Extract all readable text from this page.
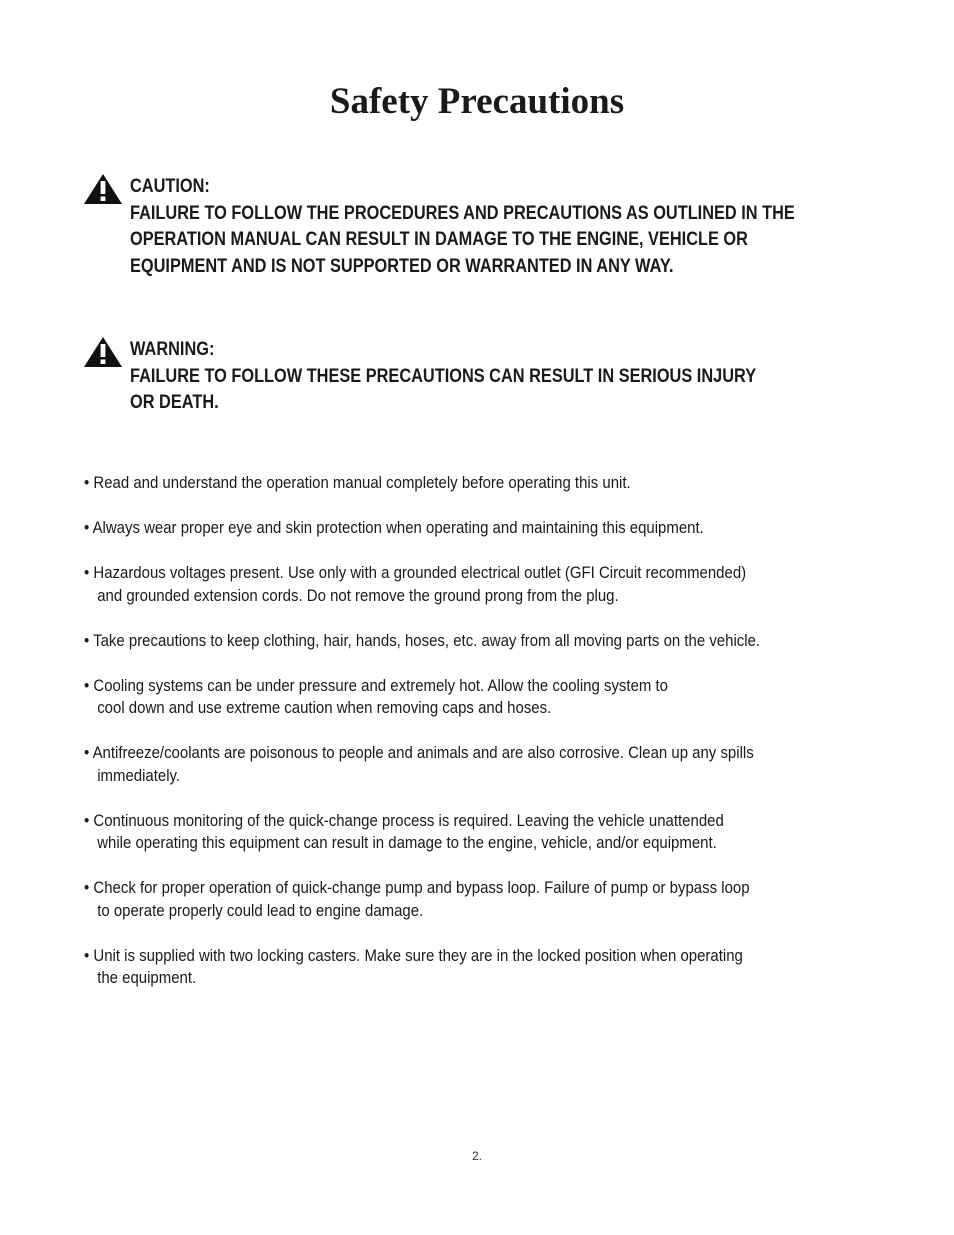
Safety Precautions
CAUTION:
FAILURE TO FOLLOW THE PROCEDURES AND PRECAUTIONS AS OUTLINED IN THE
OPERATION MANUAL CAN RESULT IN DAMAGE TO THE ENGINE, VEHICLE OR
EQUIPMENT AND IS NOT SUPPORTED OR WARRANTED IN ANY WAY.
WARNING:
FAILURE TO FOLLOW THESE PRECAUTIONS CAN RESULT IN SERIOUS INJURY
OR DEATH.
• Read and understand the operation manual completely before operating this unit.
• Always wear proper eye and skin protection when operating and maintaining this equipment.
• Hazardous voltages present. Use only with a grounded electrical outlet (GFI Circuit recommended)
and grounded extension cords. Do not remove the ground prong from the plug.
• Take precautions to keep clothing, hair, hands, hoses, etc. away from all moving parts on the vehicle.
• Cooling systems can be under pressure and extremely hot. Allow the cooling system to
cool down and use extreme caution when removing caps and hoses.
• Antifreeze/coolants are poisonous to people and animals and are also corrosive. Clean up any spills
immediately.
• Continuous monitoring of the quick-change process is required. Leaving the vehicle unattended
while operating this equipment can result in damage to the engine, vehicle, and/or equipment.
• Check for proper operation of quick-change pump and bypass loop. Failure of pump or bypass loop
to operate properly could lead to engine damage.
• Unit is supplied with two locking casters. Make sure they are in the locked position when operating
the equipment.
2.
